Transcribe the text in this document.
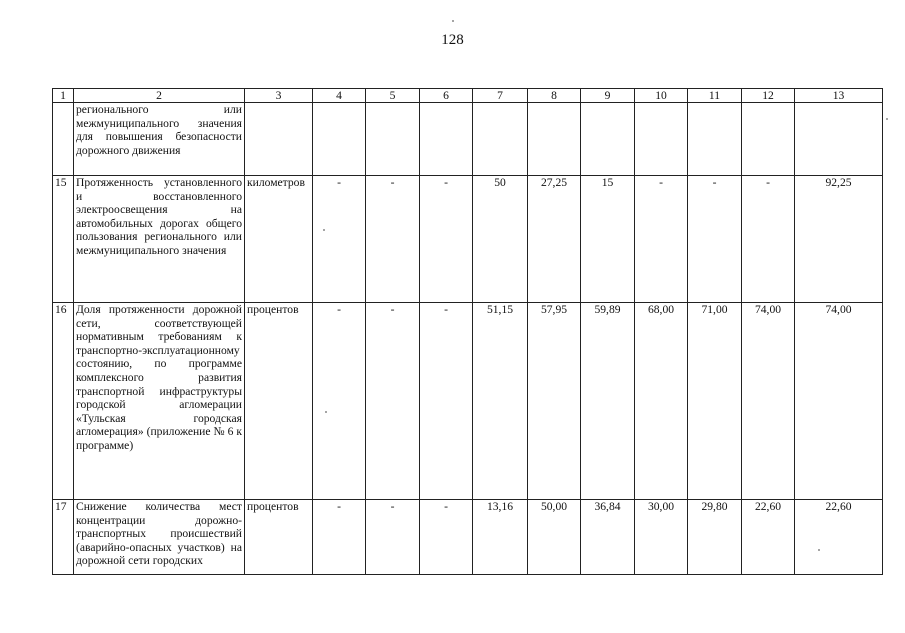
128
1	2	3	4	5	6	7	8	9	10	11	12	13
	регионального или межмуниципального значения для повышения безопасности дорожного движения											
15	Протяженность установленного и восстановленного электроосвещения на автомобильных дорогах общего пользования регионального или межмуниципального значения	километров	-	-	-	50	27,25	15	-	-	-	92,25
16	Доля протяженности дорожной сети, соответствующей нормативным требованиям к транспортно-эксплуатационному состоянию, по программе комплексного развития транспортной инфраструктуры городской агломерации «Тульская городская агломерация» (приложение № 6 к программе)	процентов	-	-	-	51,15	57,95	59,89	68,00	71,00	74,00	74,00
17	Снижение количества мест концентрации дорожно-транспортных происшествий (аварийно-опасных участков) на дорожной сети городских	процентов	-	-	-	13,16	50,00	36,84	30,00	29,80	22,60	22,60
